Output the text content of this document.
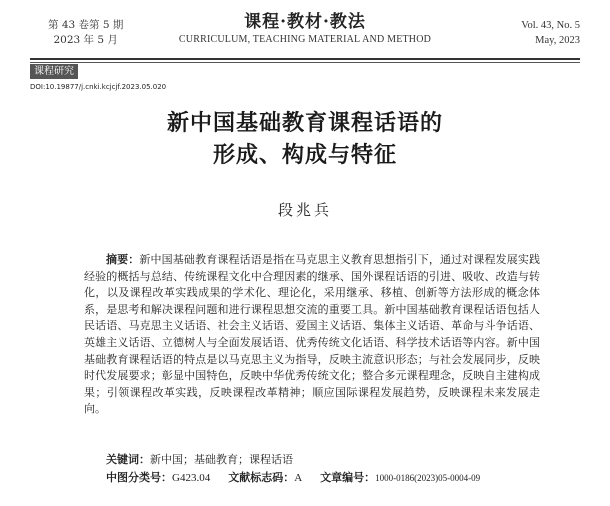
第 43 卷第 5 期
2023 年 5 月
课程·教材·教法
CURRICULUM, TEACHING MATERIAL AND METHOD
Vol. 43, No. 5
May, 2023
课程研究
DOI:10.19877/j.cnki.kcjcjf.2023.05.020
新中国基础教育课程话语的
形成、构成与特征
段兆兵
摘要：新中国基础教育课程话语是指在马克思主义教育思想指引下，通过对课程发展实践经验的概括与总结、传统课程文化中合理因素的继承、国外课程话语的引进、吸收、改造与转化，以及课程改革实践成果的学术化、理论化，采用继承、移植、创新等方法形成的概念体系，是思考和解决课程问题和进行课程思想交流的重要工具。新中国基础教育课程话语包括人民话语、马克思主义话语、社会主义话语、爱国主义话语、集体主义话语、革命与斗争话语、英雄主义话语、立德树人与全面发展话语、优秀传统文化话语、科学技术话语等内容。新中国基础教育课程话语的特点是以马克思主义为指导，反映主流意识形态；与社会发展同步，反映时代发展要求；彰显中国特色，反映中华优秀传统文化；整合多元课程理念，反映自主建构成果；引领课程改革实践，反映课程改革精神；顺应国际课程发展趋势，反映课程未来发展走向。
关键词：新中国；基础教育；课程话语
中图分类号：G423.04 文献标志码：A 文章编号：1000-0186(2023)05-0004-09
